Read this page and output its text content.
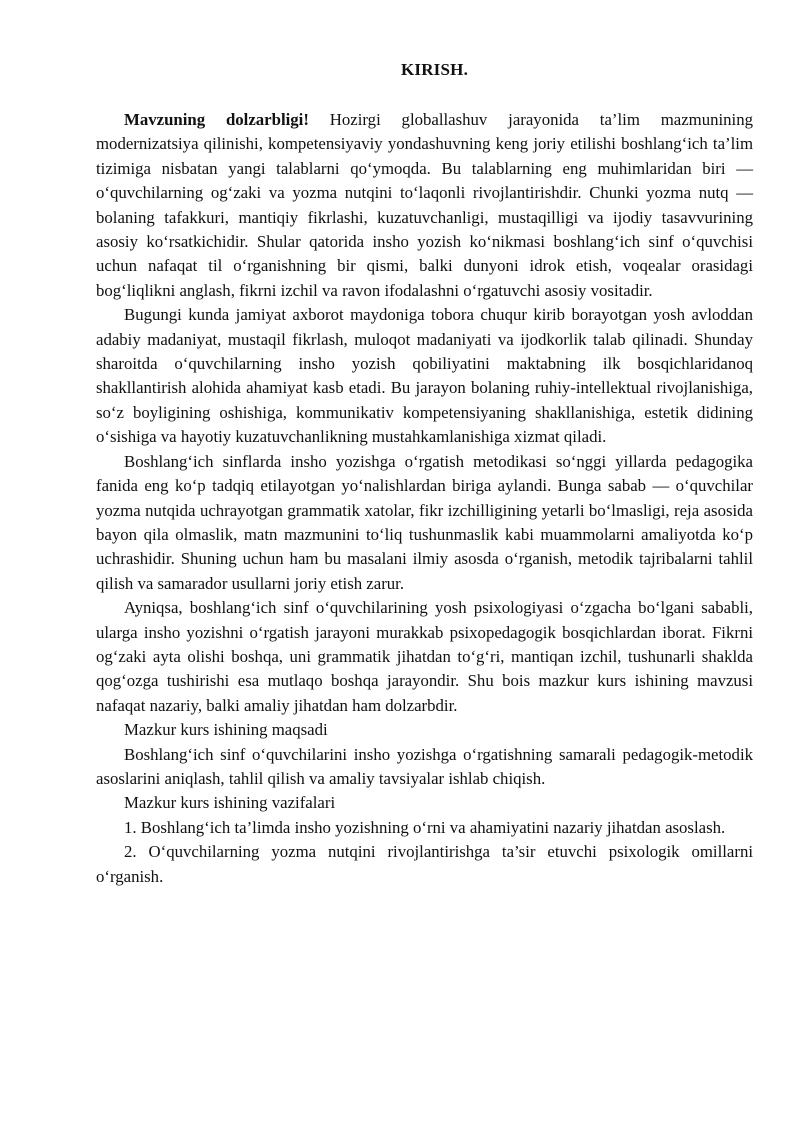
KIRISH.

Mavzuning dolzarbligi! Hozirgi globallashuv jarayonida ta’lim mazmunining modernizatsiya qilinishi, kompetensiyaviy yondashuvning keng joriy etilishi boshlang‘ich ta’lim tizimiga nisbatan yangi talablarni qo‘ymoqda. Bu talablarning eng muhimlaridan biri — o‘quvchilarning og‘zaki va yozma nutqini to‘laqonli rivojlantirishdir. Chunki yozma nutq — bolaning tafakkuri, mantiqiy fikrlashi, kuzatuvchanligi, mustaqilligi va ijodiy tasavvurining asosiy ko‘rsatkichidir. Shular qatorida insho yozish ko‘nikmasi boshlang‘ich sinf o‘quvchisi uchun nafaqat til o‘rganishning bir qismi, balki dunyoni idrok etish, voqealar orasidagi bog‘liqlikni anglash, fikrni izchil va ravon ifodalashni o‘rgatuvchi asosiy vositadir.

Bugungi kunda jamiyat axborot maydoniga tobora chuqur kirib borayotgan yosh avloddan adabiy madaniyat, mustaqil fikrlash, muloqot madaniyati va ijodkorlik talab qilinadi. Shunday sharoitda o‘quvchilarning insho yozish qobiliyatini maktabning ilk bosqichlaridanoq shakllantirish alohida ahamiyat kasb etadi. Bu jarayon bolaning ruhiy-intellektual rivojlanishiga, so‘z boyligining oshishiga, kommunikativ kompetensiyaning shakllanishiga, estetik didining o‘sishiga va hayotiy kuzatuvchanlikning mustahkamlanishiga xizmat qiladi.

Boshlang‘ich sinflarda insho yozishga o‘rgatish metodikasi so‘nggi yillarda pedagogika fanida eng ko‘p tadqiq etilayotgan yo‘nalishlardan biriga aylandi. Bunga sabab — o‘quvchilar yozma nutqida uchrayotgan grammatik xatolar, fikr izchilligining yetarli bo‘lmasligi, reja asosida bayon qila olmaslik, matn mazmunini to‘liq tushunmaslik kabi muammolarni amaliyotda ko‘p uchrashidir. Shuning uchun ham bu masalani ilmiy asosda o‘rganish, metodik tajribalarni tahlil qilish va samarador usullarni joriy etish zarur.

Ayniqsa, boshlang‘ich sinf o‘quvchilarining yosh psixologiyasi o‘zgacha bo‘lgani sababli, ularga insho yozishni o‘rgatish jarayoni murakkab psixopedagogik bosqichlardan iborat. Fikrni og‘zaki ayta olishi boshqa, uni grammatik jihatdan to‘g‘ri, mantiqan izchil, tushunarli shaklda qog‘ozga tushirishi esa mutlaqo boshqa jarayondir. Shu bois mazkur kurs ishining mavzusi nafaqat nazariy, balki amaliy jihatdan ham dolzarbdir.

Mazkur kurs ishining maqsadi

Boshlang‘ich sinf o‘quvchilarini insho yozishga o‘rgatishning samarali pedagogik-metodik asoslarini aniqlash, tahlil qilish va amaliy tavsiyalar ishlab chiqish.

Mazkur kurs ishining vazifalari

1. Boshlang‘ich ta’limda insho yozishning o‘rni va ahamiyatini nazariy jihatdan asoslash.

2. O‘quvchilarning yozma nutqini rivojlantirishga ta’sir etuvchi psixologik omillarni o‘rganish.
